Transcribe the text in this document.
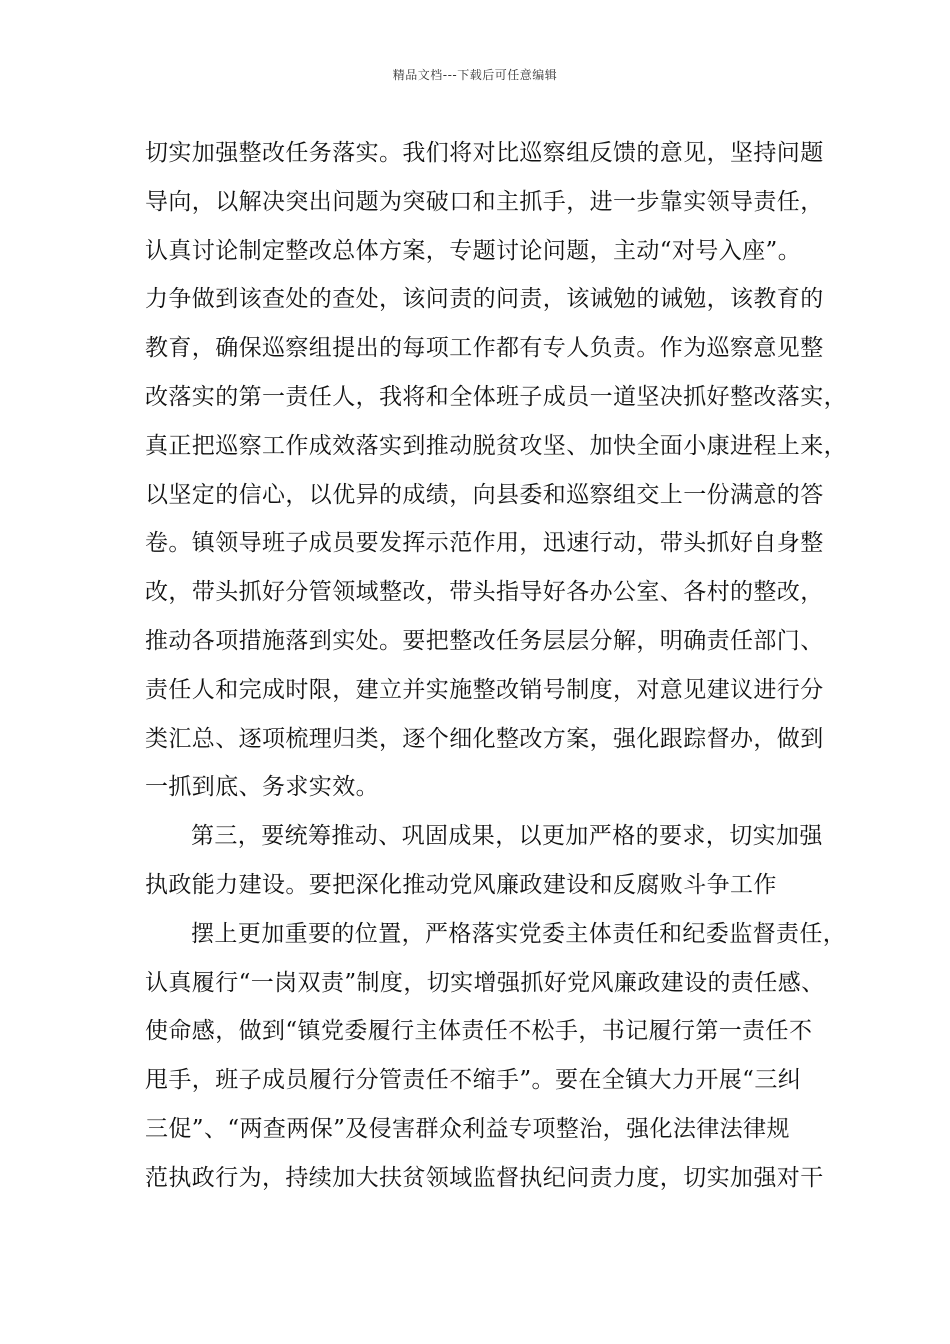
精品文档---下载后可任意编辑
切实加强整改任务落实。我们将对比巡察组反馈的意见，坚持问题
导向，以解决突出问题为突破口和主抓手，进一步靠实领导责任，
认真讨论制定整改总体方案，专题讨论问题，主动“对号入座”。
力争做到该查处的查处，该问责的问责，该诫勉的诫勉，该教育的
教育，确保巡察组提出的每项工作都有专人负责。作为巡察意见整
改落实的第一责任人，我将和全体班子成员一道坚决抓好整改落实，
真正把巡察工作成效落实到推动脱贫攻坚、加快全面小康进程上来，
以坚定的信心，以优异的成绩，向县委和巡察组交上一份满意的答
卷。镇领导班子成员要发挥示范作用，迅速行动，带头抓好自身整
改，带头抓好分管领域整改，带头指导好各办公室、各村的整改，
推动各项措施落到实处。要把整改任务层层分解，明确责任部门、
责任人和完成时限，建立并实施整改销号制度，对意见建议进行分
类汇总、逐项梳理归类，逐个细化整改方案，强化跟踪督办，做到
一抓到底、务求实效。
第三，要统筹推动、巩固成果，以更加严格的要求，切实加强
执政能力建设。要把深化推动党风廉政建设和反腐败斗争工作
摆上更加重要的位置，严格落实党委主体责任和纪委监督责任，
认真履行“一岗双责”制度，切实增强抓好党风廉政建设的责任感、
使命感，做到“镇党委履行主体责任不松手，书记履行第一责任不
甩手，班子成员履行分管责任不缩手”。要在全镇大力开展“三纠
三促”、“两查两保”及侵害群众利益专项整治，强化法律法律规
范执政行为，持续加大扶贫领域监督执纪问责力度，切实加强对干
